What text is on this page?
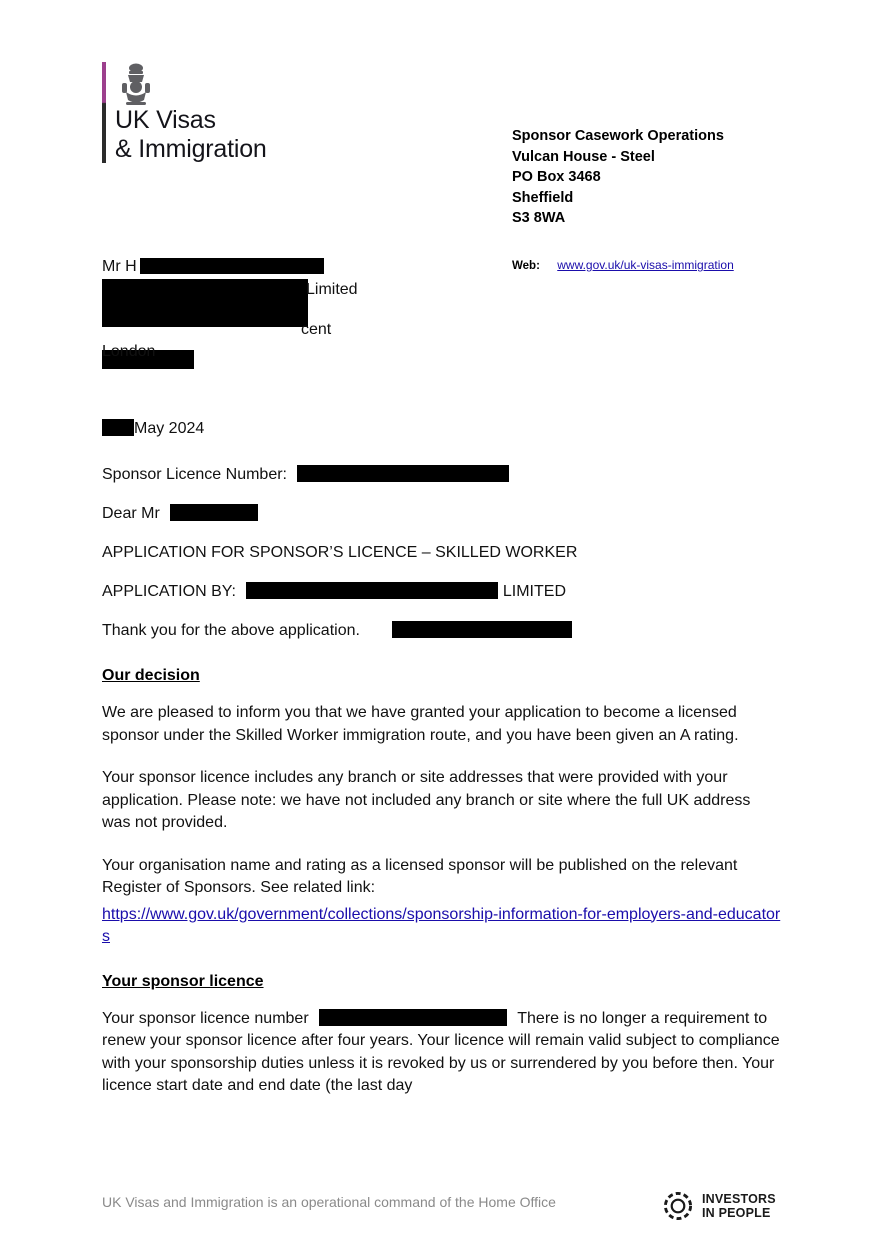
UK Visas
& Immigration	Sponsor Casework Operations
Vulcan House - Steel
PO Box 3468
Sheffield
S3 8WA
Web: www.gov.uk/uk-visas-immigration
Mr H
Limited
cent
London
May 2024
Sponsor Licence Number:
Dear Mr
APPLICATION FOR SPONSOR’S LICENCE – SKILLED WORKER
APPLICATION BY:	LIMITED
Thank you for the above application.
Our decision

We are pleased to inform you that we have granted your application to become a licensed sponsor under the Skilled Worker immigration route, and you have been given an A rating.

Your sponsor licence includes any branch or site addresses that were provided with your application. Please note: we have not included any branch or site where the full UK address was not provided.

Your organisation name and rating as a licensed sponsor will be published on the relevant Register of Sponsors. See related link:

https://www.gov.uk/government/collections/sponsorship-information-for-employers-and-educators

Your sponsor licence

Your sponsor licence number	There is no longer a requirement to renew your sponsor licence after four years. Your licence will remain valid subject to compliance with your sponsorship duties unless it is revoked by us or surrendered by you before then. Your licence start date and end date (the last day

UK Visas and Immigration is an operational command of the Home Office	INVESTORS
IN PEOPLE
